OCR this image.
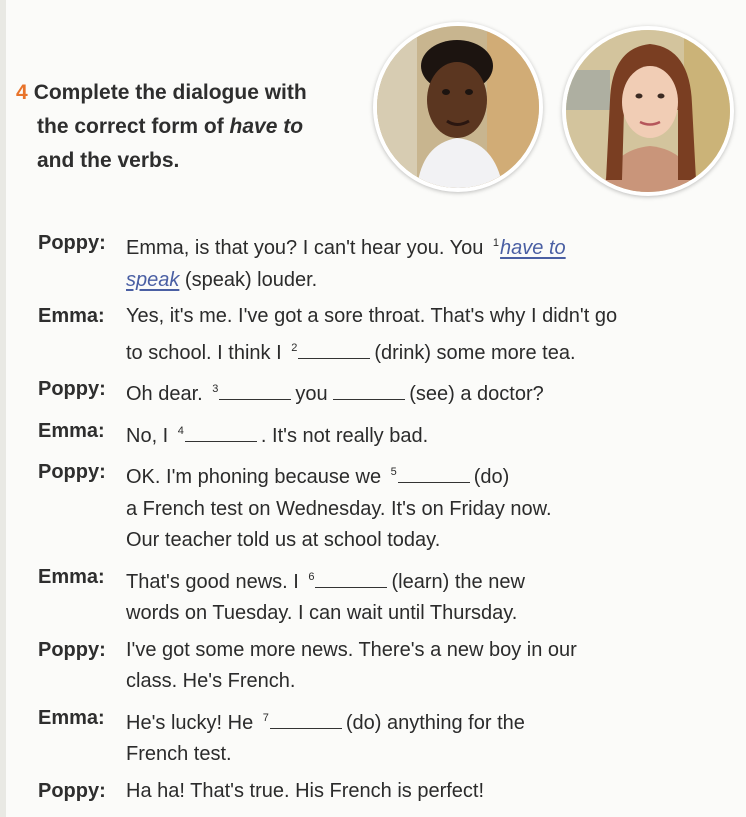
4 Complete the dialogue with
the correct form of have to
and the verbs.
Poppy:	Emma, is that you? I can't hear you. You $^1$have to
speak (speak) louder.
Emma:	Yes, it's me. I've got a sore throat. That's why I didn't go
to school. I think I $^2$	(drink) some more tea.
Poppy:	Oh dear. $^3$	you	(see) a doctor?
Emma:	No, I $^4$	. It's not really bad.
Poppy:	OK. I'm phoning because we $^5$	(do)
a French test on Wednesday. It's on Friday now.
Our teacher told us at school today.
Emma:	That's good news. I $^6$	(learn) the new
words on Tuesday. I can wait until Thursday.
Poppy:	I've got some more news. There's a new boy in our
class. He's French.
Emma:	He's lucky! He $^7$	(do) anything for the
French test.
Poppy:	Ha ha! That's true. His French is perfect!
